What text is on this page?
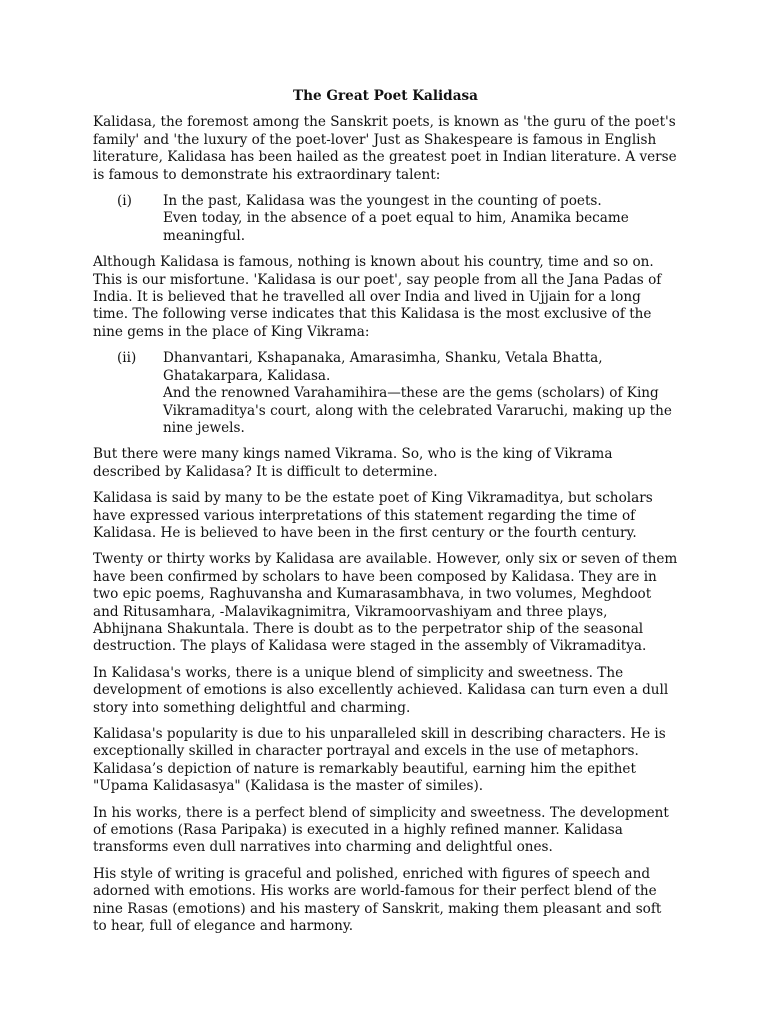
The Great Poet Kalidasa

Kalidasa, the foremost among the Sanskrit poets, is known as 'the guru of the poet's family' and 'the luxury of the poet-lover' Just as Shakespeare is famous in English literature, Kalidasa has been hailed as the greatest poet in Indian literature. A verse is famous to demonstrate his extraordinary talent:

(i)	In the past, Kalidasa was the youngest in the counting of poets.
Even today, in the absence of a poet equal to him, Anamika became meaningful.

Although Kalidasa is famous, nothing is known about his country, time and so on. This is our misfortune. 'Kalidasa is our poet', say people from all the Jana Padas of India. It is believed that he travelled all over India and lived in Ujjain for a long time. The following verse indicates that this Kalidasa is the most exclusive of the nine gems in the place of King Vikrama:

(ii)	Dhanvantari, Kshapanaka, Amarasimha, Shanku, Vetala Bhatta, Ghatakarpara, Kalidasa.
And the renowned Varahamihira—these are the gems (scholars) of King Vikramaditya's court, along with the celebrated Vararuchi, making up the nine jewels.

But there were many kings named Vikrama. So, who is the king of Vikrama described by Kalidasa? It is difficult to determine.

Kalidasa is said by many to be the estate poet of King Vikramaditya, but scholars have expressed various interpretations of this statement regarding the time of Kalidasa. He is believed to have been in the first century or the fourth century.

Twenty or thirty works by Kalidasa are available. However, only six or seven of them have been confirmed by scholars to have been composed by Kalidasa. They are in two epic poems, Raghuvansha and Kumarasambhava, in two volumes, Meghdoot and Ritusamhara, -Malavikagnimitra, Vikramoorvashiyam and three plays, Abhijnana Shakuntala. There is doubt as to the perpetrator ship of the seasonal destruction. The plays of Kalidasa were staged in the assembly of Vikramaditya.

In Kalidasa's works, there is a unique blend of simplicity and sweetness. The development of emotions is also excellently achieved. Kalidasa can turn even a dull story into something delightful and charming.

Kalidasa's popularity is due to his unparalleled skill in describing characters. He is exceptionally skilled in character portrayal and excels in the use of metaphors. Kalidasa’s depiction of nature is remarkably beautiful, earning him the epithet "Upama Kalidasasya" (Kalidasa is the master of similes).

In his works, there is a perfect blend of simplicity and sweetness. The development of emotions (Rasa Paripaka) is executed in a highly refined manner. Kalidasa transforms even dull narratives into charming and delightful ones.

His style of writing is graceful and polished, enriched with figures of speech and adorned with emotions. His works are world-famous for their perfect blend of the nine Rasas (emotions) and his mastery of Sanskrit, making them pleasant and soft to hear, full of elegance and harmony.
